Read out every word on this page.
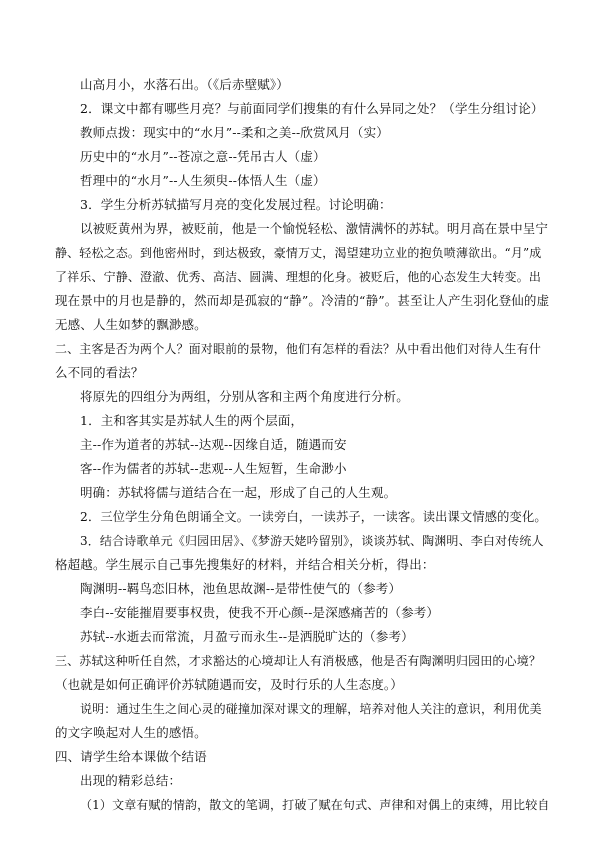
山高月小，水落石出。（《后赤壁赋》）
2．课文中都有哪些月亮？与前面同学们搜集的有什么异同之处？（学生分组讨论）
教师点拨：现实中的“水月”--柔和之美--欣赏风月（实）
历史中的“水月”--苍凉之意--凭吊古人（虚）
哲理中的“水月”--人生须臾--体悟人生（虚）
3．学生分析苏轼描写月亮的变化发展过程。讨论明确：
以被贬黄州为界，被贬前，他是一个愉悦轻松、激情满怀的苏轼。明月高在景中呈宁
静、轻松之态。到他密州时，到达极致，豪情万丈，渴望建功立业的抱负喷薄欲出。“月”成
了祥乐、宁静、澄澈、优秀、高洁、圆满、理想的化身。被贬后，他的心态发生大转变。出
现在景中的月也是静的，然而却是孤寂的“静”。冷清的“静”。甚至让人产生羽化登仙的虚
无感、人生如梦的飘渺感。
二、主客是否为两个人？面对眼前的景物，他们有怎样的看法？从中看出他们对待人生有什
么不同的看法？
将原先的四组分为两组，分别从客和主两个角度进行分析。
1．主和客其实是苏轼人生的两个层面，
主--作为道者的苏轼--达观--因缘自适，随遇而安
客--作为儒者的苏轼--悲观--人生短暂，生命渺小
明确：苏轼将儒与道结合在一起，形成了自己的人生观。
2．三位学生分角色朗诵全文。一读旁白，一读苏子，一读客。读出课文情感的变化。
3．结合诗歌单元《归园田居》、《梦游天姥吟留别》，谈谈苏轼、陶渊明、李白对传统人
格超越。学生展示自己事先搜集好的材料，并结合相关分析，得出：
陶渊明--羁鸟恋旧林，池鱼思故渊--是带性使气的（参考）
李白--安能摧眉要事权贵，使我不开心颜--是深感痛苦的（参考）
苏轼--水逝去而常流，月盈亏而永生--是洒脱旷达的（参考）
三、苏轼这种听任自然，才求豁达的心境却让人有消极感，他是否有陶渊明归园田的心境？
（也就是如何正确评价苏轼随遇而安，及时行乐的人生态度。）
说明：通过生生之间心灵的碰撞加深对课文的理解，培养对他人关注的意识，利用优美
的文字唤起对人生的感悟。
四、请学生给本课做个结语
出现的精彩总结：
（1）文章有赋的情韵，散文的笔调，打破了赋在句式、声律和对偶上的束缚，用比较自
